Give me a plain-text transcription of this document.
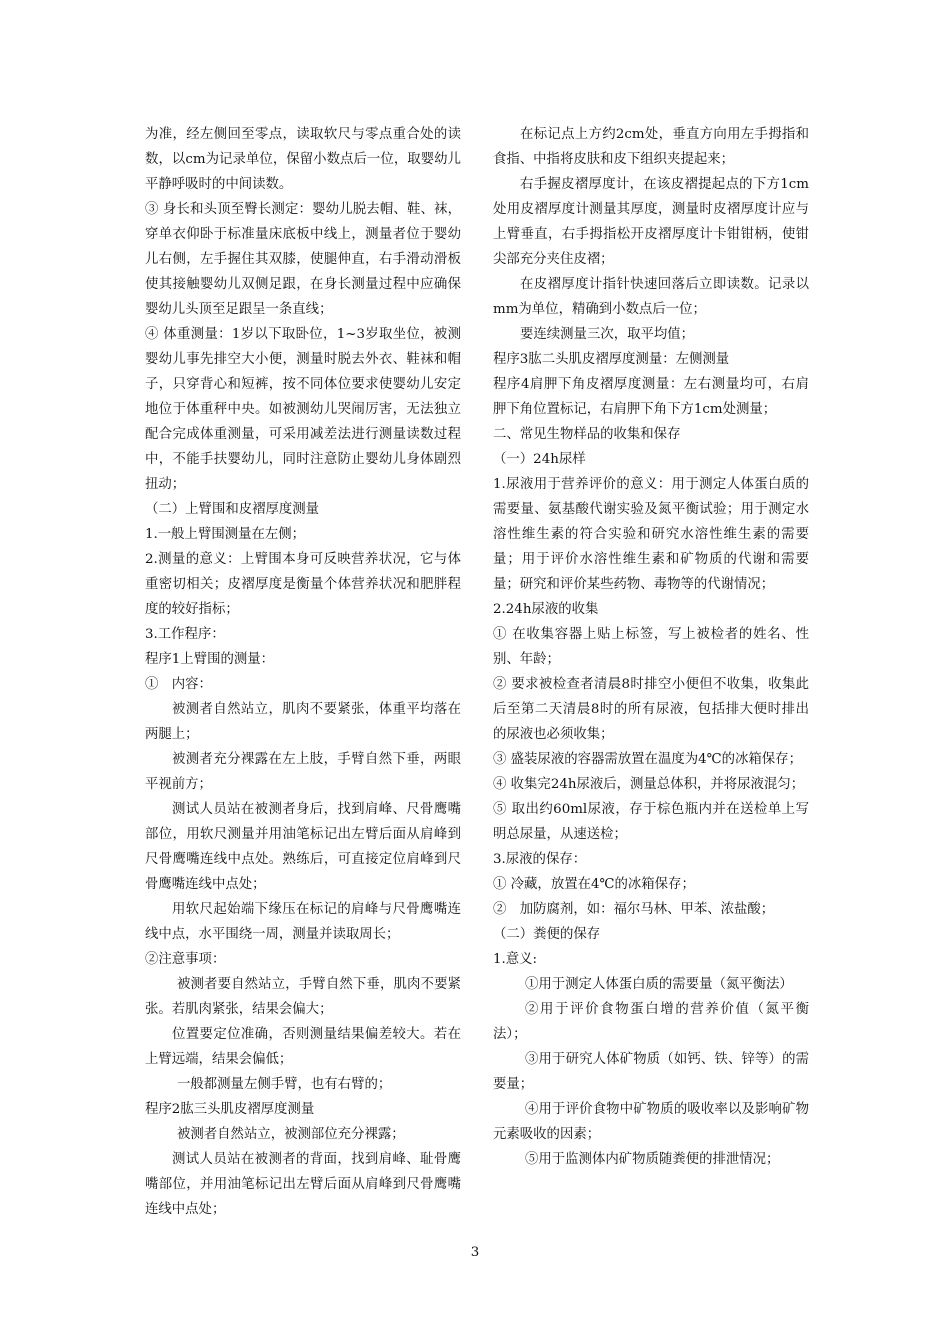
为准，经左侧回至零点，读取软尺与零点重合处的读数，以cm为记录单位，保留小数点后一位，取婴幼儿平静呼吸时的中间读数。

③ 身长和头顶至臀长测定：婴幼儿脱去帽、鞋、袜，穿单衣仰卧于标准量床底板中线上，测量者位于婴幼儿右侧，左手握住其双膝，使腿伸直，右手滑动滑板使其接触婴幼儿双侧足跟，在身长测量过程中应确保婴幼儿头顶至足跟呈一条直线；

④ 体重测量：1岁以下取卧位，1~3岁取坐位，被测婴幼儿事先排空大小便，测量时脱去外衣、鞋袜和帽子，只穿背心和短裤，按不同体位要求使婴幼儿安定地位于体重秤中央。如被测幼儿哭闹厉害，无法独立配合完成体重测量，可采用减差法进行测量读数过程中，不能手扶婴幼儿，同时注意防止婴幼儿身体剧烈扭动；

（二）上臂围和皮褶厚度测量

1.一般上臂围测量在左侧；

2.测量的意义：上臂围本身可反映营养状况，它与体重密切相关；皮褶厚度是衡量个体营养状况和肥胖程度的较好指标；

3.工作程序：

程序1上臂围的测量：

①　内容：

被测者自然站立，肌肉不要紧张，体重平均落在两腿上；

被测者充分裸露在左上肢，手臂自然下垂，两眼平视前方；

测试人员站在被测者身后，找到肩峰、尺骨鹰嘴部位，用软尺测量并用油笔标记出左臂后面从肩峰到尺骨鹰嘴连线中点处。熟练后，可直接定位肩峰到尺骨鹰嘴连线中点处；

用软尺起始端下缘压在标记的肩峰与尺骨鹰嘴连线中点，水平围绕一周，测量并读取周长；

②注意事项：

被测者要自然站立，手臂自然下垂，肌肉不要紧张。若肌肉紧张，结果会偏大；

位置要定位准确，否则测量结果偏差较大。若在上臂远端，结果会偏低；

一般都测量左侧手臂，也有右臂的；

程序2肱三头肌皮褶厚度测量

被测者自然站立，被测部位充分裸露；

测试人员站在被测者的背面，找到肩峰、耻骨鹰嘴部位，并用油笔标记出左臂后面从肩峰到尺骨鹰嘴连线中点处；

在标记点上方约2cm处，垂直方向用左手拇指和食指、中指将皮肤和皮下组织夹提起来；

右手握皮褶厚度计，在该皮褶提起点的下方1cm处用皮褶厚度计测量其厚度，测量时皮褶厚度计应与上臂垂直，右手拇指松开皮褶厚度计卡钳钳柄，使钳尖部充分夹住皮褶；

在皮褶厚度计指针快速回落后立即读数。记录以mm为单位，精确到小数点后一位；

要连续测量三次，取平均值；

程序3肱二头肌皮褶厚度测量：左侧测量

程序4肩胛下角皮褶厚度测量：左右测量均可，右肩胛下角位置标记，右肩胛下角下方1cm处测量；

二、常见生物样品的收集和保存

（一）24h尿样

1.尿液用于营养评价的意义：用于测定人体蛋白质的需要量、氨基酸代谢实验及氮平衡试验；用于测定水溶性维生素的符合实验和研究水溶性维生素的需要量；用于评价水溶性维生素和矿物质的代谢和需要量；研究和评价某些药物、毒物等的代谢情况；

2.24h尿液的收集

① 在收集容器上贴上标签，写上被检者的姓名、性别、年龄；

② 要求被检查者清晨8时排空小便但不收集，收集此后至第二天清晨8时的所有尿液，包括排大便时排出的尿液也必须收集；

③ 盛装尿液的容器需放置在温度为4℃的冰箱保存；

④ 收集完24h尿液后，测量总体积，并将尿液混匀；

⑤ 取出约60ml尿液，存于棕色瓶内并在送检单上写明总尿量，从速送检；

3.尿液的保存：

① 冷藏，放置在4℃的冰箱保存；

②　加防腐剂，如：福尔马林、甲苯、浓盐酸；

（二）粪便的保存

1.意义:

①用于测定人体蛋白质的需要量（氮平衡法）

②用于评价食物蛋白增的营养价值（氮平衡法）；

③用于研究人体矿物质（如钙、铁、锌等）的需要量；

④用于评价食物中矿物质的吸收率以及影响矿物元素吸收的因素；

⑤用于监测体内矿物质随粪便的排泄情况；

3
